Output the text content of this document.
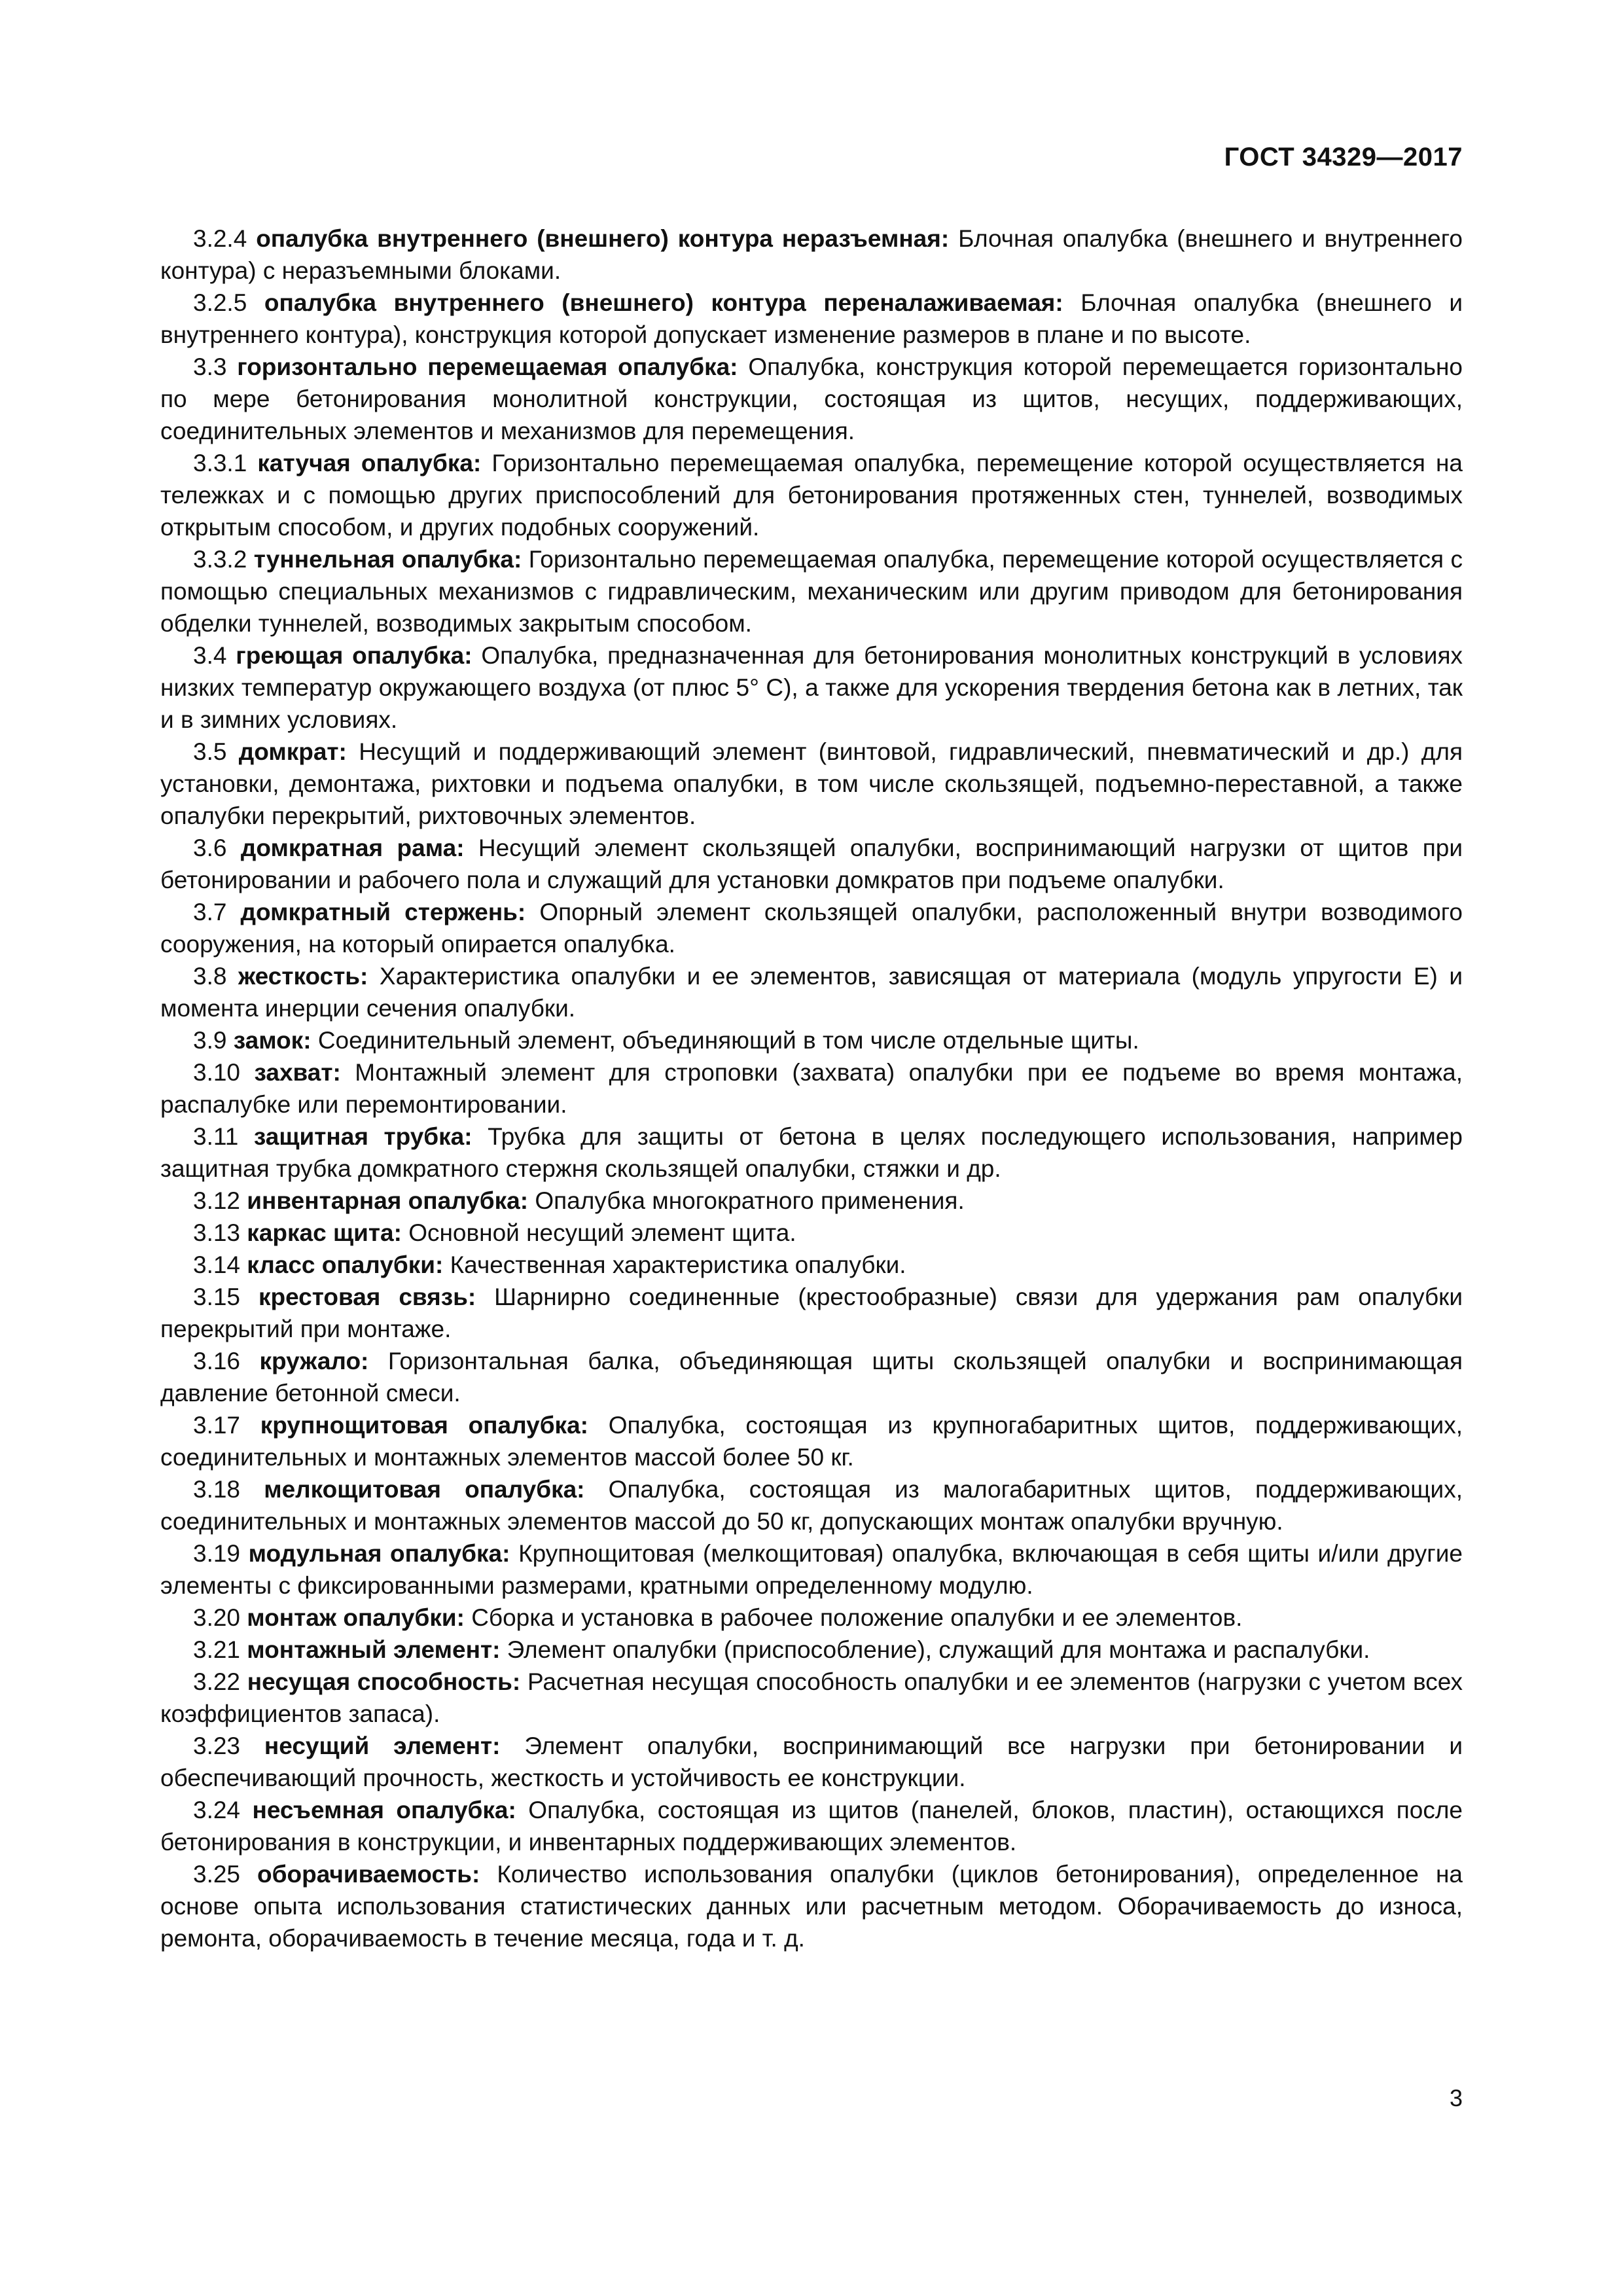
ГОСТ 34329—2017

3.2.4 опалубка внутреннего (внешнего) контура неразъемная: Блочная опалубка (внешнего и внутреннего контура) с неразъемными блоками.

3.2.5 опалубка внутреннего (внешнего) контура переналаживаемая: Блочная опалубка (внешнего и внутреннего контура), конструкция которой допускает изменение размеров в плане и по высоте.

3.3 горизонтально перемещаемая опалубка: Опалубка, конструкция которой перемещается горизонтально по мере бетонирования монолитной конструкции, состоящая из щитов, несущих, поддерживающих, соединительных элементов и механизмов для перемещения.

3.3.1 катучая опалубка: Горизонтально перемещаемая опалубка, перемещение которой осуществляется на тележках и с помощью других приспособлений для бетонирования протяженных стен, туннелей, возводимых открытым способом, и других подобных сооружений.

3.3.2 туннельная опалубка: Горизонтально перемещаемая опалубка, перемещение которой осуществляется с помощью специальных механизмов с гидравлическим, механическим или другим приводом для бетонирования обделки туннелей, возводимых закрытым способом.

3.4 греющая опалубка: Опалубка, предназначенная для бетонирования монолитных конструкций в условиях низких температур окружающего воздуха (от плюс 5° С), а также для ускорения твердения бетона как в летних, так и в зимних условиях.

3.5 домкрат: Несущий и поддерживающий элемент (винтовой, гидравлический, пневматический и др.) для установки, демонтажа, рихтовки и подъема опалубки, в том числе скользящей, подъемно-переставной, а также опалубки перекрытий, рихтовочных элементов.

3.6 домкратная рама: Несущий элемент скользящей опалубки, воспринимающий нагрузки от щитов при бетонировании и рабочего пола и служащий для установки домкратов при подъеме опалубки.

3.7 домкратный стержень: Опорный элемент скользящей опалубки, расположенный внутри возводимого сооружения, на который опирается опалубка.

3.8 жесткость: Характеристика опалубки и ее элементов, зависящая от материала (модуль упругости E) и момента инерции сечения опалубки.

3.9 замок: Соединительный элемент, объединяющий в том числе отдельные щиты.

3.10 захват: Монтажный элемент для строповки (захвата) опалубки при ее подъеме во время монтажа, распалубке или перемонтировании.

3.11 защитная трубка: Трубка для защиты от бетона в целях последующего использования, например защитная трубка домкратного стержня скользящей опалубки, стяжки и др.

3.12 инвентарная опалубка: Опалубка многократного применения.

3.13 каркас щита: Основной несущий элемент щита.

3.14 класс опалубки: Качественная характеристика опалубки.

3.15 крестовая связь: Шарнирно соединенные (крестообразные) связи для удержания рам опалубки перекрытий при монтаже.

3.16 кружало: Горизонтальная балка, объединяющая щиты скользящей опалубки и воспринимающая давление бетонной смеси.

3.17 крупнощитовая опалубка: Опалубка, состоящая из крупногабаритных щитов, поддерживающих, соединительных и монтажных элементов массой более 50 кг.

3.18 мелкощитовая опалубка: Опалубка, состоящая из малогабаритных щитов, поддерживающих, соединительных и монтажных элементов массой до 50 кг, допускающих монтаж опалубки вручную.

3.19 модульная опалубка: Крупнощитовая (мелкощитовая) опалубка, включающая в себя щиты и/или другие элементы с фиксированными размерами, кратными определенному модулю.

3.20 монтаж опалубки: Сборка и установка в рабочее положение опалубки и ее элементов.

3.21 монтажный элемент: Элемент опалубки (приспособление), служащий для монтажа и распалубки.

3.22 несущая способность: Расчетная несущая способность опалубки и ее элементов (нагрузки с учетом всех коэффициентов запаса).

3.23 несущий элемент: Элемент опалубки, воспринимающий все нагрузки при бетонировании и обеспечивающий прочность, жесткость и устойчивость ее конструкции.

3.24 несъемная опалубка: Опалубка, состоящая из щитов (панелей, блоков, пластин), остающихся после бетонирования в конструкции, и инвентарных поддерживающих элементов.

3.25 оборачиваемость: Количество использования опалубки (циклов бетонирования), определенное на основе опыта использования статистических данных или расчетным методом. Оборачиваемость до износа, ремонта, оборачиваемость в течение месяца, года и т. д.

3
